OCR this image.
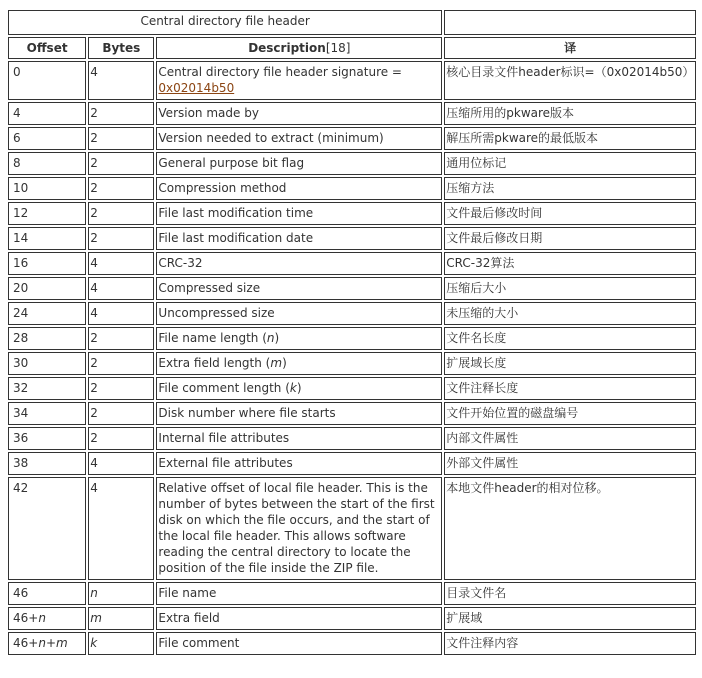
Central directory file header			
Offset	Bytes	Description[18]	译
0	4	Central directory file header signature = 0x02014b50	核心目录文件header标识=（0x02014b50）
4	2	Version made by	压缩所用的pkware版本
6	2	Version needed to extract (minimum)	解压所需pkware的最低版本
8	2	General purpose bit flag	通用位标记
10	2	Compression method	压缩方法
12	2	File last modification time	文件最后修改时间
14	2	File last modification date	文件最后修改日期
16	4	CRC-32	CRC-32算法
20	4	Compressed size	压缩后大小
24	4	Uncompressed size	未压缩的大小
28	2	File name length (n)	文件名长度
30	2	Extra field length (m)	扩展域长度
32	2	File comment length (k)	文件注释长度
34	2	Disk number where file starts	文件开始位置的磁盘编号
36	2	Internal file attributes	内部文件属性
38	4	External file attributes	外部文件属性
42	4	Relative offset of local file header. This is the number of bytes between the start of the first disk on which the file occurs, and the start of the local file header. This allows software reading the central directory to locate the position of the file inside the ZIP file.	本地文件header的相对位移。
46	n	File name	目录文件名
46+n	m	Extra field	扩展域
46+n+m	k	File comment	文件注释内容
